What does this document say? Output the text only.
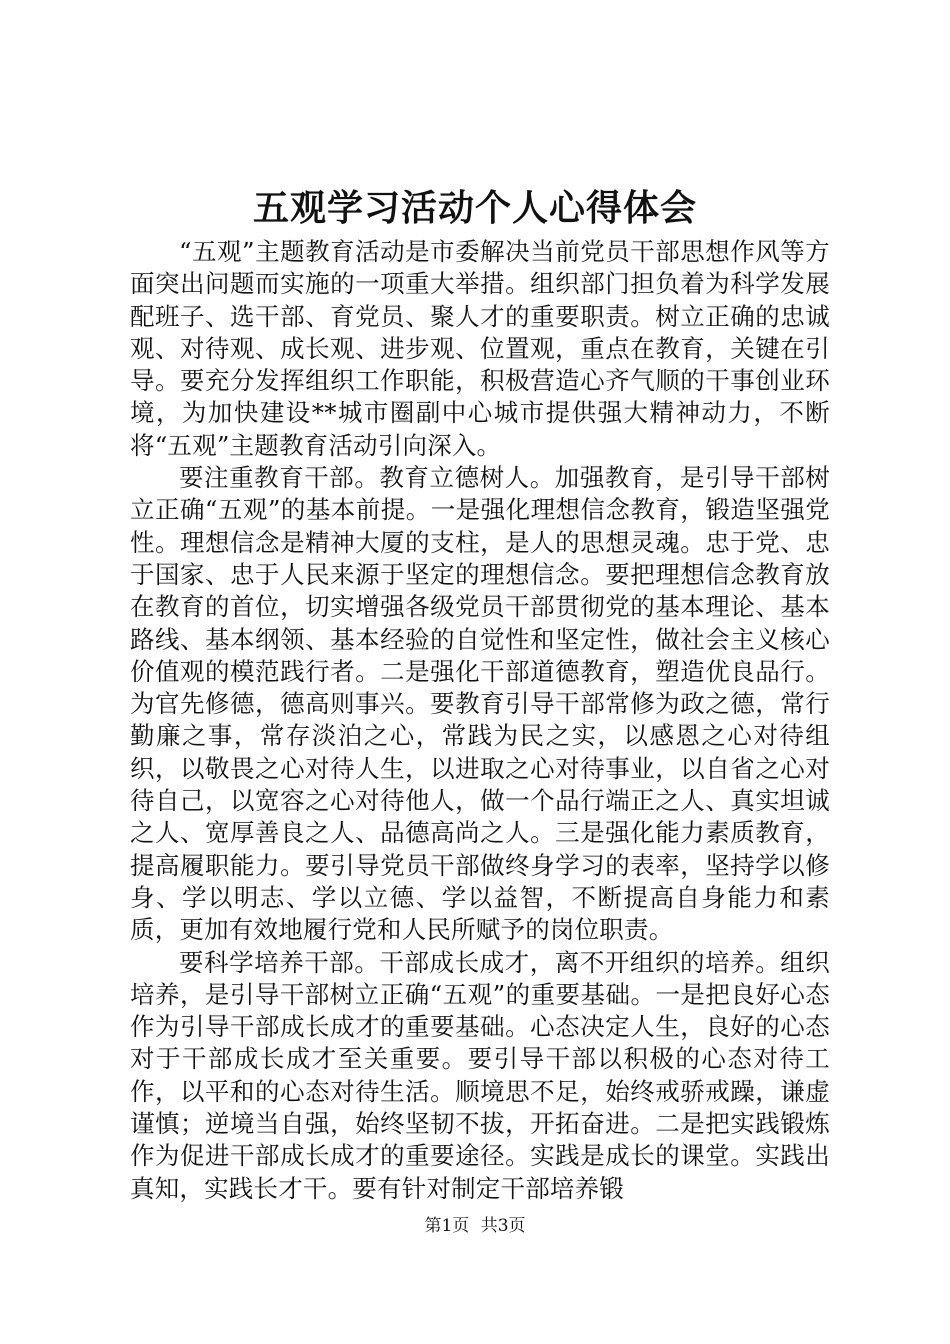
五观学习活动个人心得体会

“五观”主题教育活动是市委解决当前党员干部思想作风等方面突出问题而实施的一项重大举措。组织部门担负着为科学发展配班子、选干部、育党员、聚人才的重要职责。树立正确的忠诚观、对待观、成长观、进步观、位置观，重点在教育，关键在引导。要充分发挥组织工作职能，积极营造心齐气顺的干事创业环境，为加快建设**城市圈副中心城市提供强大精神动力，不断将“五观”主题教育活动引向深入。

要注重教育干部。教育立德树人。加强教育，是引导干部树立正确“五观”的基本前提。一是强化理想信念教育，锻造坚强党性。理想信念是精神大厦的支柱，是人的思想灵魂。忠于党、忠于国家、忠于人民来源于坚定的理想信念。要把理想信念教育放在教育的首位，切实增强各级党员干部贯彻党的基本理论、基本路线、基本纲领、基本经验的自觉性和坚定性，做社会主义核心价值观的模范践行者。二是强化干部道德教育，塑造优良品行。为官先修德，德高则事兴。要教育引导干部常修为政之德，常行勤廉之事，常存淡泊之心，常践为民之实，以感恩之心对待组织，以敬畏之心对待人生，以进取之心对待事业，以自省之心对待自己，以宽容之心对待他人，做一个品行端正之人、真实坦诚之人、宽厚善良之人、品德高尚之人。三是强化能力素质教育，提高履职能力。要引导党员干部做终身学习的表率，坚持学以修身、学以明志、学以立德、学以益智，不断提高自身能力和素质，更加有效地履行党和人民所赋予的岗位职责。

要科学培养干部。干部成长成才，离不开组织的培养。组织培养，是引导干部树立正确“五观”的重要基础。一是把良好心态作为引导干部成长成才的重要基础。心态决定人生，良好的心态对于干部成长成才至关重要。要引导干部以积极的心态对待工作，以平和的心态对待生活。顺境思不足，始终戒骄戒躁，谦虚谨慎；逆境当自强，始终坚韧不拔，开拓奋进。二是把实践锻炼作为促进干部成长成才的重要途径。实践是成长的课堂。实践出真知，实践长才干。要有针对制定干部培养锻

第1页 共3页
